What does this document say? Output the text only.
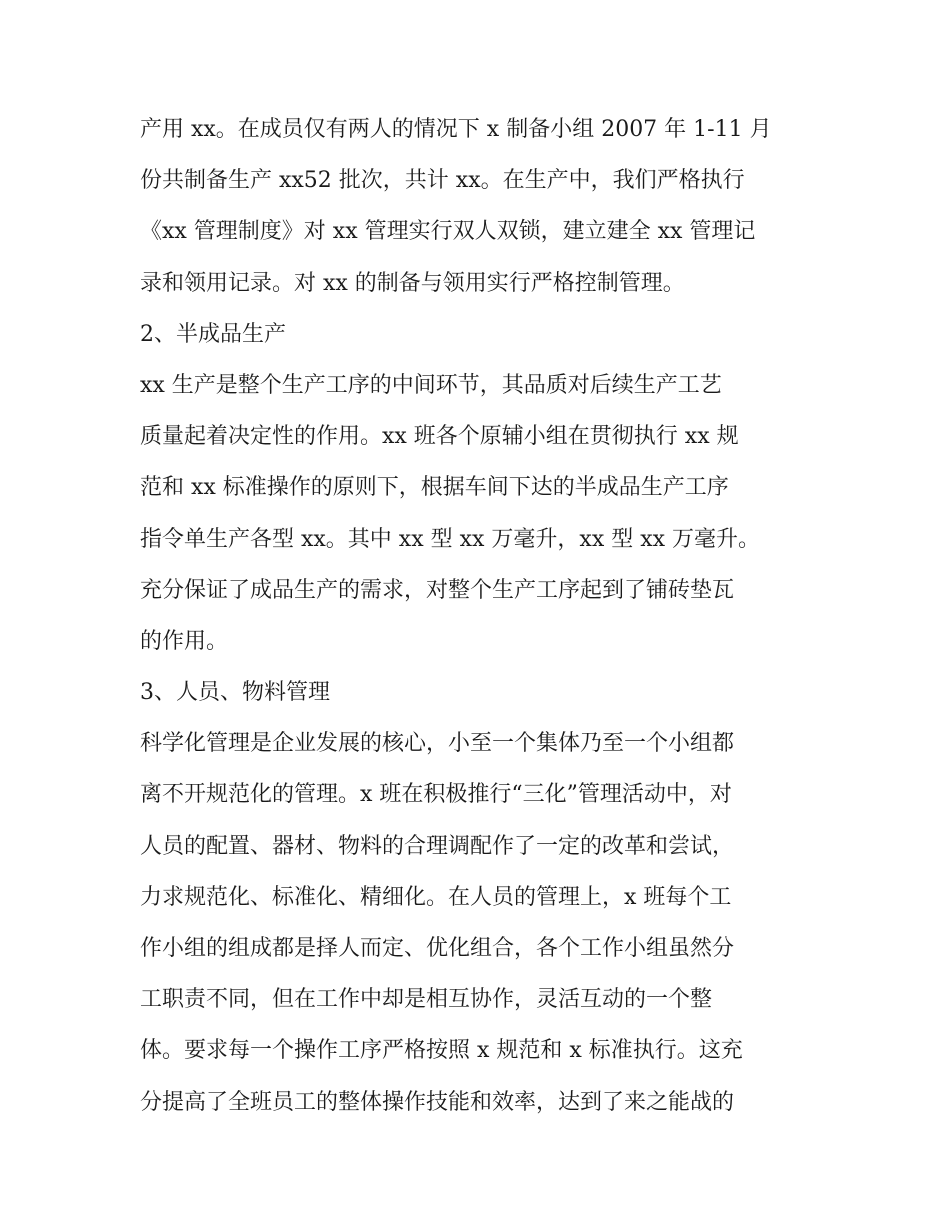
产用 xx。在成员仅有两人的情况下 x 制备小组 2007 年 1-11 月
份共制备生产 xx52 批次，共计 xx。在生产中，我们严格执行
《xx 管理制度》对 xx 管理实行双人双锁，建立建全 xx 管理记
录和领用记录。对 xx 的制备与领用实行严格控制管理。
2、半成品生产
xx 生产是整个生产工序的中间环节，其品质对后续生产工艺
质量起着决定性的作用。xx 班各个原辅小组在贯彻执行 xx 规
范和 xx 标准操作的原则下，根据车间下达的半成品生产工序
指令单生产各型 xx。其中 xx 型 xx 万毫升，xx 型 xx 万毫升。
充分保证了成品生产的需求，对整个生产工序起到了铺砖垫瓦
的作用。
3、人员、物料管理
科学化管理是企业发展的核心，小至一个集体乃至一个小组都
离不开规范化的管理。x 班在积极推行“三化”管理活动中，对
人员的配置、器材、物料的合理调配作了一定的改革和尝试，
力求规范化、标准化、精细化。在人员的管理上，x 班每个工
作小组的组成都是择人而定、优化组合，各个工作小组虽然分
工职责不同，但在工作中却是相互协作，灵活互动的一个整
体。要求每一个操作工序严格按照 x 规范和 x 标准执行。这充
分提高了全班员工的整体操作技能和效率，达到了来之能战的
